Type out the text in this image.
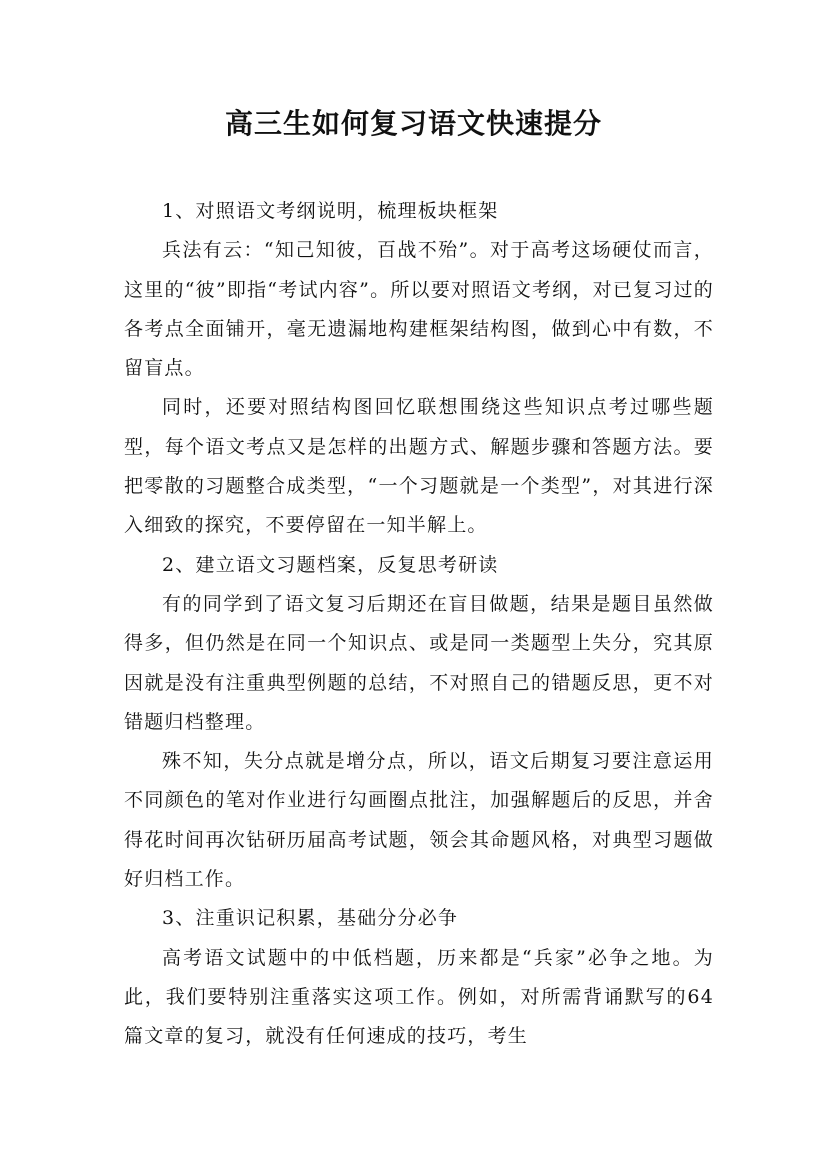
高三生如何复习语文快速提分

1、对照语文考纲说明，梳理板块框架

兵法有云：“知己知彼，百战不殆”。对于高考这场硬仗而言，这里的“彼”即指“考试内容”。所以要对照语文考纲，对已复习过的各考点全面铺开，毫无遗漏地构建框架结构图，做到心中有数，不留盲点。

同时，还要对照结构图回忆联想围绕这些知识点考过哪些题型，每个语文考点又是怎样的出题方式、解题步骤和答题方法。要把零散的习题整合成类型，“一个习题就是一个类型”，对其进行深入细致的探究，不要停留在一知半解上。

2、建立语文习题档案，反复思考研读

有的同学到了语文复习后期还在盲目做题，结果是题目虽然做得多，但仍然是在同一个知识点、或是同一类题型上失分，究其原因就是没有注重典型例题的总结，不对照自己的错题反思，更不对错题归档整理。

殊不知，失分点就是增分点，所以，语文后期复习要注意运用不同颜色的笔对作业进行勾画圈点批注，加强解题后的反思，并舍得花时间再次钻研历届高考试题，领会其命题风格，对典型习题做好归档工作。

3、注重识记积累，基础分分必争

高考语文试题中的中低档题，历来都是“兵家”必争之地。为此，我们要特别注重落实这项工作。例如，对所需背诵默写的64篇文章的复习，就没有任何速成的技巧，考生
